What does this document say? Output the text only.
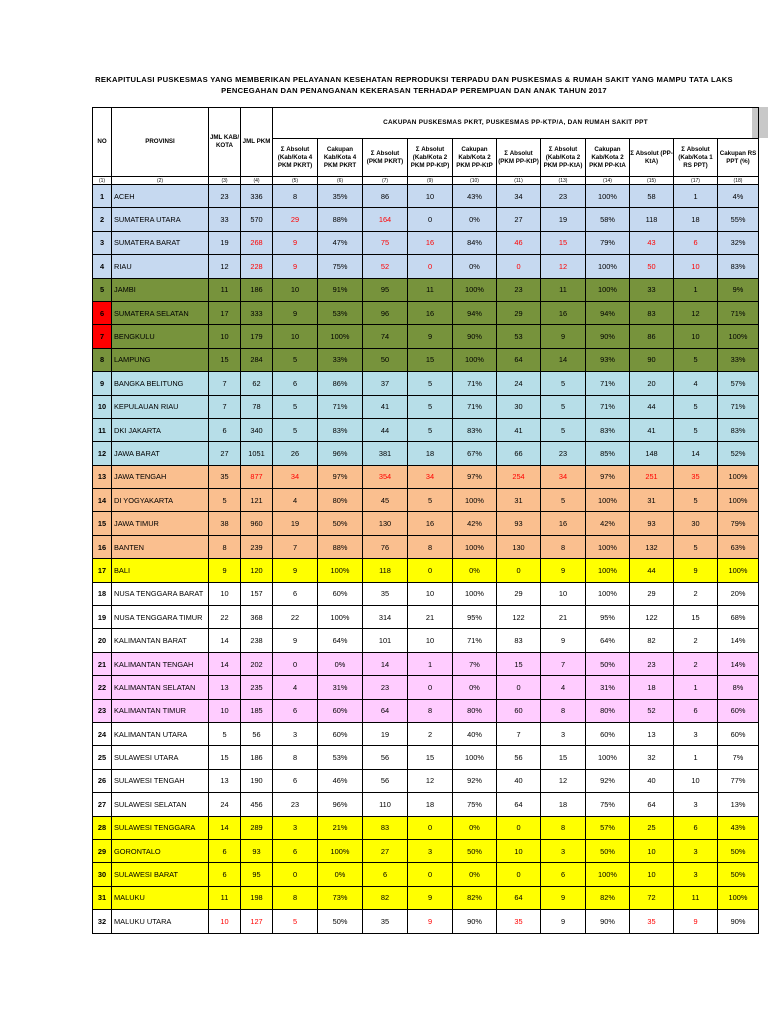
REKAPITULASI PUSKESMAS YANG MEMBERIKAN PELAYANAN KESEHATAN REPRODUKSI TERPADU DAN PUSKESMAS & RUMAH SAKIT YANG MAMPU TATA LAKS
PENCEGAHAN DAN PENANGANAN KEKERASAN TERHADAP PEREMPUAN DAN ANAK TAHUN 2017
NO	PROVINSI	JML KAB/ KOTA	JML PKM	CAKUPAN PUSKESMAS PKRT, PUSKESMAS PP-KTP/A, DAN RUMAH SAKIT PPT										
				Σ Absolut (Kab/Kota 4 PKM PKRT)	Cakupan Kab/Kota 4 PKM PKRT	Σ Absolut (PKM PKRT)	Σ Absolut (Kab/Kota 2 PKM PP-KtP)	Cakupan Kab/Kota 2 PKM PP-KtP	Σ Absolut (PKM PP-KtP)	Σ Absolut (Kab/Kota 2 PKM PP-KtA)	Cakupan Kab/Kota 2 PKM PP-KtA	Σ Absolut (PP-KtA)	Σ Absolut (Kab/Kota 1 RS PPT)	Cakupan RS PPT (%)
(1)	(2)	(3)	(4)	(5)	(6)	(7)	(9)	(10)	(11)	(13)	(14)	(15)	(17)	(18)
1	ACEH	23	336	8	35%	86	10	43%	34	23	100%	58	1	4%
2	SUMATERA UTARA	33	570	29	88%	164	0	0%	27	19	58%	118	18	55%
3	SUMATERA BARAT	19	268	9	47%	75	16	84%	46	15	79%	43	6	32%
4	RIAU	12	228	9	75%	52	0	0%	0	12	100%	50	10	83%
5	JAMBI	11	186	10	91%	95	11	100%	23	11	100%	33	1	9%
6	SUMATERA SELATAN	17	333	9	53%	96	16	94%	29	16	94%	83	12	71%
7	BENGKULU	10	179	10	100%	74	9	90%	53	9	90%	86	10	100%
8	LAMPUNG	15	284	5	33%	50	15	100%	64	14	93%	90	5	33%
9	BANGKA BELITUNG	7	62	6	86%	37	5	71%	24	5	71%	20	4	57%
10	KEPULAUAN RIAU	7	78	5	71%	41	5	71%	30	5	71%	44	5	71%
11	DKI JAKARTA	6	340	5	83%	44	5	83%	41	5	83%	41	5	83%
12	JAWA BARAT	27	1051	26	96%	381	18	67%	66	23	85%	148	14	52%
13	JAWA TENGAH	35	877	34	97%	354	34	97%	254	34	97%	251	35	100%
14	DI YOGYAKARTA	5	121	4	80%	45	5	100%	31	5	100%	31	5	100%
15	JAWA TIMUR	38	960	19	50%	130	16	42%	93	16	42%	93	30	79%
16	BANTEN	8	239	7	88%	76	8	100%	130	8	100%	132	5	63%
17	BALI	9	120	9	100%	118	0	0%	0	9	100%	44	9	100%
18	NUSA TENGGARA BARAT	10	157	6	60%	35	10	100%	29	10	100%	29	2	20%
19	NUSA TENGGARA TIMUR	22	368	22	100%	314	21	95%	122	21	95%	122	15	68%
20	KALIMANTAN BARAT	14	238	9	64%	101	10	71%	83	9	64%	82	2	14%
21	KALIMANTAN TENGAH	14	202	0	0%	14	1	7%	15	7	50%	23	2	14%
22	KALIMANTAN SELATAN	13	235	4	31%	23	0	0%	0	4	31%	18	1	8%
23	KALIMANTAN TIMUR	10	185	6	60%	64	8	80%	60	8	80%	52	6	60%
24	KALIMANTAN UTARA	5	56	3	60%	19	2	40%	7	3	60%	13	3	60%
25	SULAWESI UTARA	15	186	8	53%	56	15	100%	56	15	100%	32	1	7%
26	SULAWESI TENGAH	13	190	6	46%	56	12	92%	40	12	92%	40	10	77%
27	SULAWESI SELATAN	24	456	23	96%	110	18	75%	64	18	75%	64	3	13%
28	SULAWESI TENGGARA	14	289	3	21%	83	0	0%	0	8	57%	25	6	43%
29	GORONTALO	6	93	6	100%	27	3	50%	10	3	50%	10	3	50%
30	SULAWESI BARAT	6	95	0	0%	6	0	0%	0	6	100%	10	3	50%
31	MALUKU	11	198	8	73%	82	9	82%	64	9	82%	72	11	100%
32	MALUKU UTARA	10	127	5	50%	35	9	90%	35	9	90%	35	9	90%
